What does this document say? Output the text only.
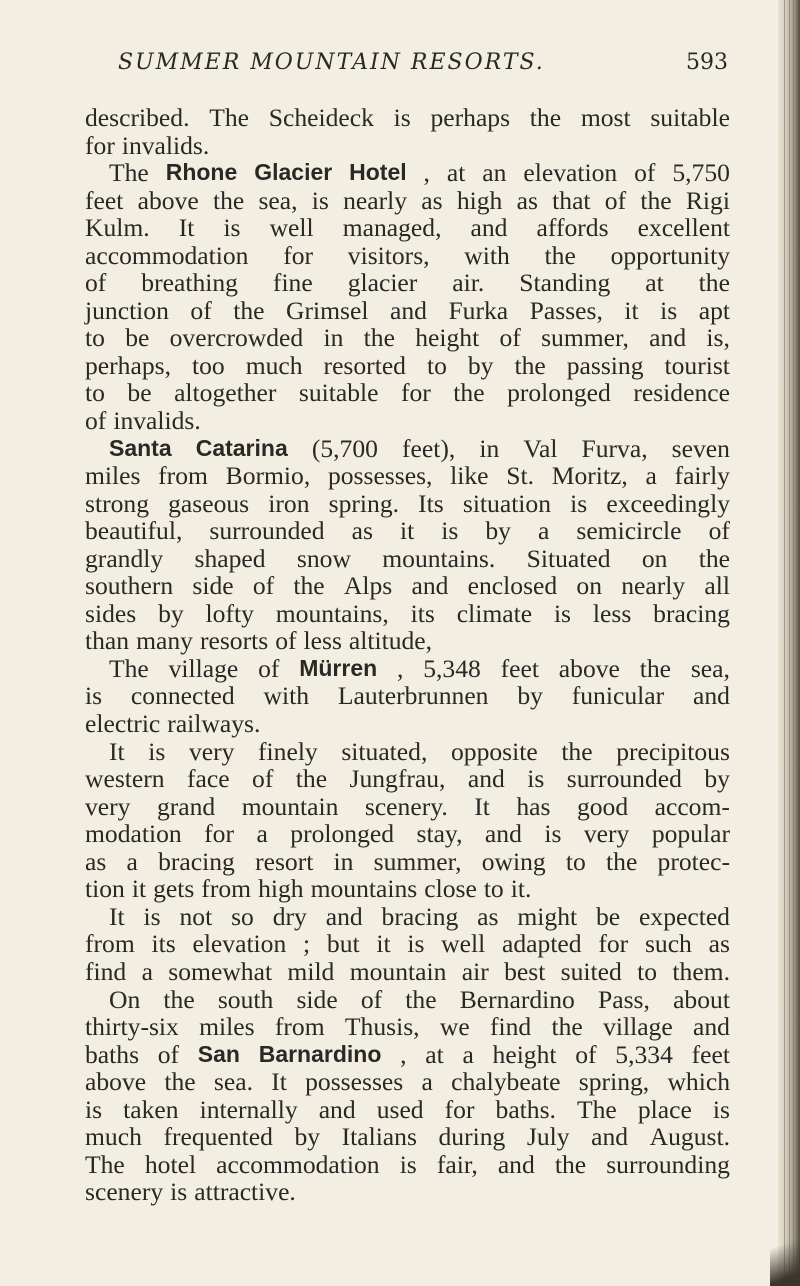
SUMMER MOUNTAIN RESORTS.	593
described. The Scheideck is perhaps the most suitable
for invalids.
The Rhone Glacier Hotel , at an elevation of 5,750
feet above the sea, is nearly as high as that of the Rigi
Kulm. It is well managed, and affords excellent
accommodation for visitors, with the opportunity
of breathing fine glacier air. Standing at the
junction of the Grimsel and Furka Passes, it is apt
to be overcrowded in the height of summer, and is,
perhaps, too much resorted to by the passing tourist
to be altogether suitable for the prolonged residence
of invalids.
Santa Catarina (5,700 feet), in Val Furva, seven
miles from Bormio, possesses, like St. Moritz, a fairly
strong gaseous iron spring. Its situation is exceedingly
beautiful, surrounded as it is by a semicircle of
grandly shaped snow mountains. Situated on the
southern side of the Alps and enclosed on nearly all
sides by lofty mountains, its climate is less bracing
than many resorts of less altitude,
The village of Mürren , 5,348 feet above the sea,
is connected with Lauterbrunnen by funicular and
electric railways.
It is very finely situated, opposite the precipitous
western face of the Jungfrau, and is surrounded by
very grand mountain scenery. It has good accom-
modation for a prolonged stay, and is very popular
as a bracing resort in summer, owing to the protec-
tion it gets from high mountains close to it.
It is not so dry and bracing as might be expected
from its elevation ; but it is well adapted for such as
find a somewhat mild mountain air best suited to them.
On the south side of the Bernardino Pass, about
thirty-six miles from Thusis, we find the village and
baths of San Barnardino , at a height of 5,334 feet
above the sea. It possesses a chalybeate spring, which
is taken internally and used for baths. The place is
much frequented by Italians during July and August.
The hotel accommodation is fair, and the surrounding
scenery is attractive.
